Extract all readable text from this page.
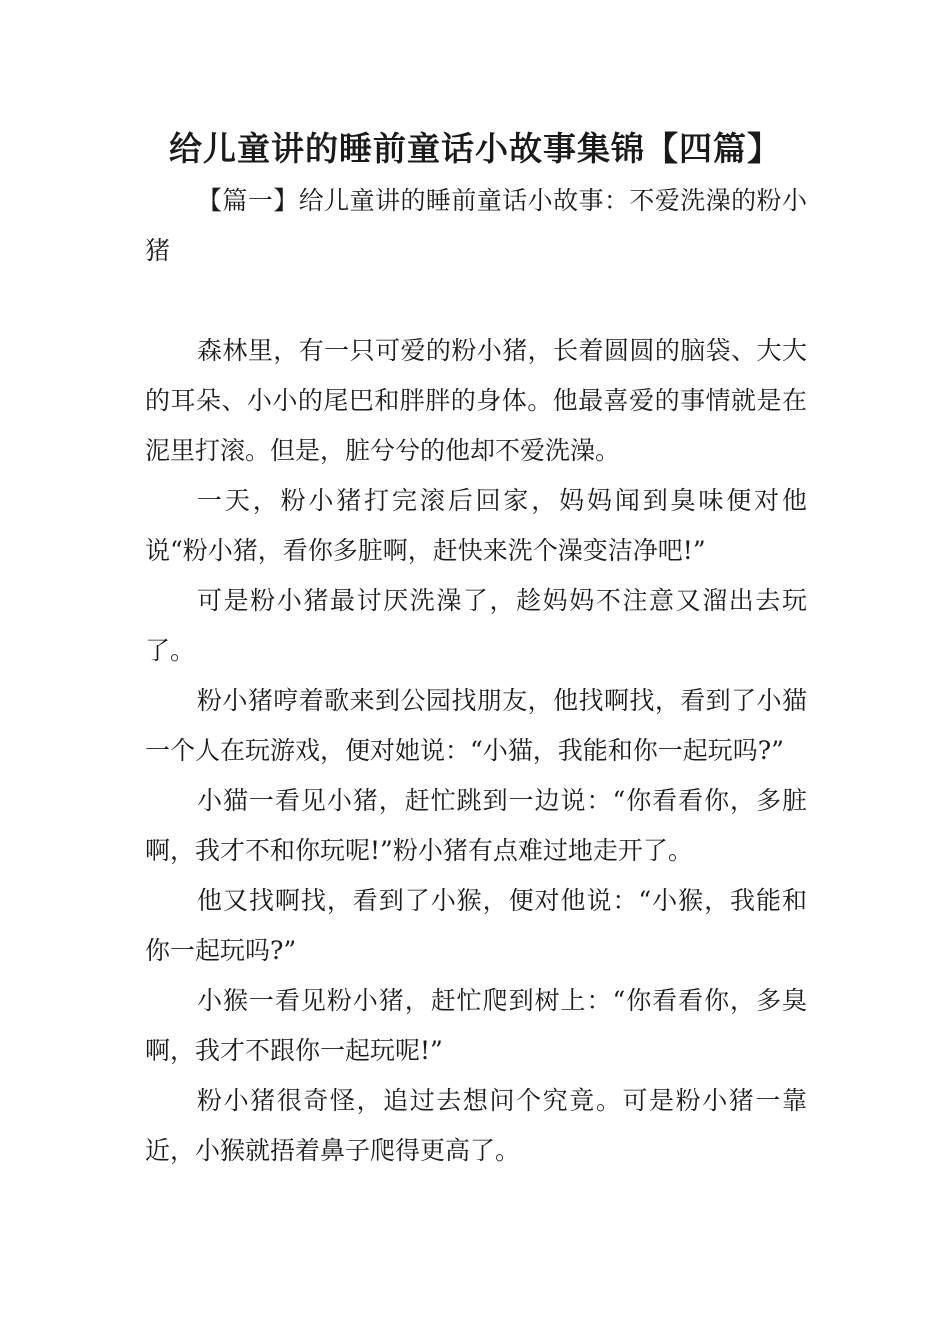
给儿童讲的睡前童话小故事集锦【四篇】

【篇一】给儿童讲的睡前童话小故事：不爱洗澡的粉小猪

森林里，有一只可爱的粉小猪，长着圆圆的脑袋、大大的耳朵、小小的尾巴和胖胖的身体。他最喜爱的事情就是在泥里打滚。但是，脏兮兮的他却不爱洗澡。

一天，粉小猪打完滚后回家，妈妈闻到臭味便对他说“粉小猪，看你多脏啊，赶快来洗个澡变洁净吧!”

可是粉小猪最讨厌洗澡了，趁妈妈不注意又溜出去玩了。

粉小猪哼着歌来到公园找朋友，他找啊找，看到了小猫一个人在玩游戏，便对她说：“小猫，我能和你一起玩吗?”

小猫一看见小猪，赶忙跳到一边说：“你看看你，多脏啊，我才不和你玩呢!”粉小猪有点难过地走开了。

他又找啊找，看到了小猴，便对他说：“小猴，我能和你一起玩吗?”

小猴一看见粉小猪，赶忙爬到树上：“你看看你，多臭啊，我才不跟你一起玩呢!”

粉小猪很奇怪，追过去想问个究竟。可是粉小猪一靠近，小猴就捂着鼻子爬得更高了。
